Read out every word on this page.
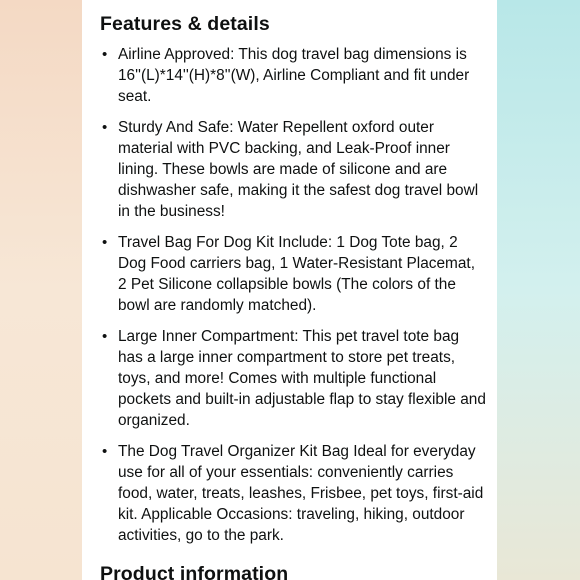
Features & details
• Airline Approved: This dog travel bag dimensions is 16''(L)*14''(H)*8''(W), Airline Compliant and fit under seat.
• Sturdy And Safe: Water Repellent oxford outer material with PVC backing, and Leak-Proof inner lining. These bowls are made of silicone and are dishwasher safe, making it the safest dog travel bowl in the business!
• Travel Bag For Dog Kit Include: 1 Dog Tote bag, 2 Dog Food carriers bag, 1 Water-Resistant Placemat, 2 Pet Silicone collapsible bowls (The colors of the bowl are randomly matched).
• Large Inner Compartment: This pet travel tote bag has a large inner compartment to store pet treats, toys, and more! Comes with multiple functional pockets and built-in adjustable flap to stay flexible and organized.
• The Dog Travel Organizer Kit Bag Ideal for everyday use for all of your essentials: conveniently carries food, water, treats, leashes, Frisbee, pet toys, first-aid kit. Applicable Occasions: traveling, hiking, outdoor activities, go to the park.
Product information
